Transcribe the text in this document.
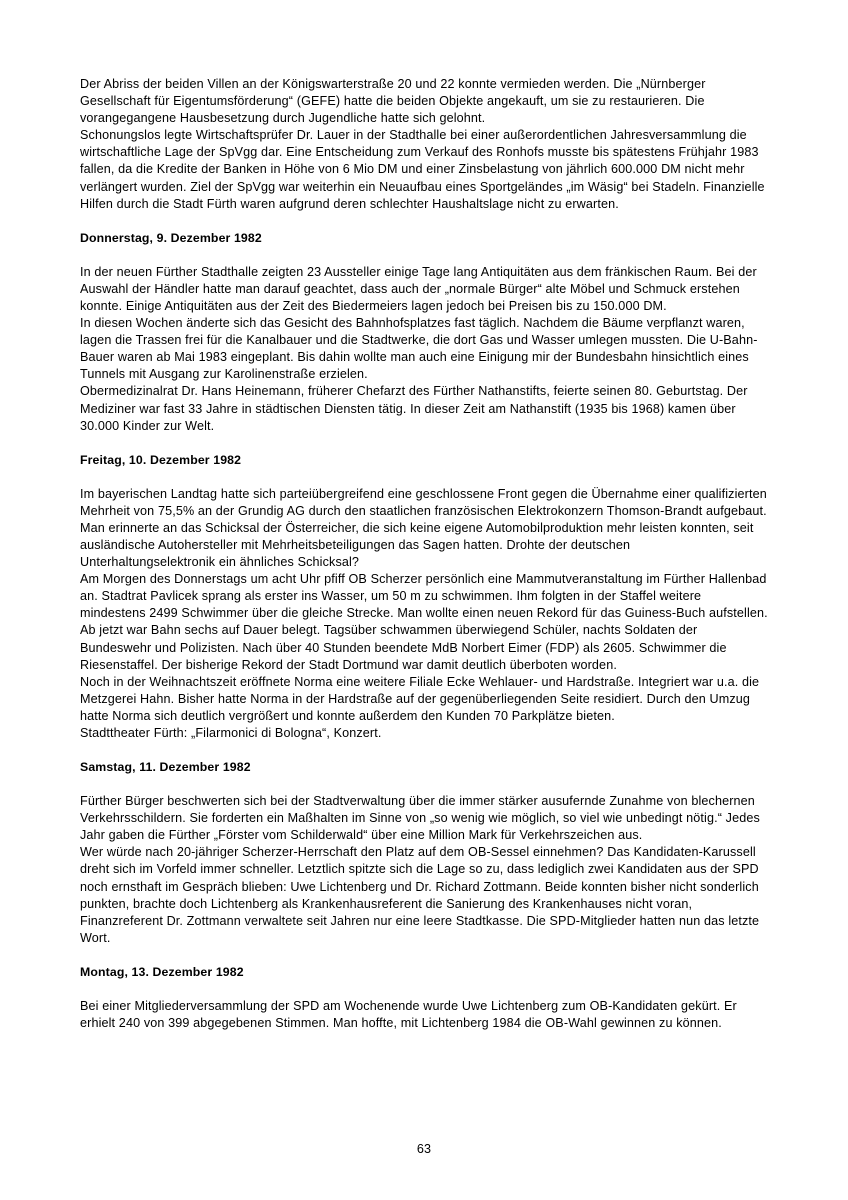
Der Abriss der beiden Villen an der Königswarterstraße 20 und 22 konnte vermieden werden. Die „Nürnberger Gesellschaft für Eigentumsförderung“ (GEFE) hatte die beiden Objekte angekauft, um sie zu restaurieren. Die vorangegangene Hausbesetzung durch Jugendliche hatte sich gelohnt.

Schonungslos legte Wirtschaftsprüfer Dr. Lauer in der Stadthalle bei einer außerordentlichen Jahresversammlung die wirtschaftliche Lage der SpVgg dar. Eine Entscheidung zum Verkauf des Ronhofs musste bis spätestens Frühjahr 1983 fallen, da die Kredite der Banken in Höhe von 6 Mio DM und einer Zinsbelastung von jährlich 600.000 DM nicht mehr verlängert wurden. Ziel der SpVgg war weiterhin ein Neuaufbau eines Sportgeländes „im Wäsig“ bei Stadeln. Finanzielle Hilfen durch die Stadt Fürth waren aufgrund deren schlechter Haushaltslage nicht zu erwarten.

Donnerstag, 9. Dezember 1982

In der neuen Fürther Stadthalle zeigten 23 Aussteller einige Tage lang Antiquitäten aus dem fränkischen Raum. Bei der Auswahl der Händler hatte man darauf geachtet, dass auch der „normale Bürger“ alte Möbel und Schmuck erstehen konnte. Einige Antiquitäten aus der Zeit des Biedermeiers lagen jedoch bei Preisen bis zu 150.000 DM.

In diesen Wochen änderte sich das Gesicht des Bahnhofsplatzes fast täglich. Nachdem die Bäume verpflanzt waren, lagen die Trassen frei für die Kanalbauer und die Stadtwerke, die dort Gas und Wasser umlegen mussten. Die U-Bahn-Bauer waren ab Mai 1983 eingeplant. Bis dahin wollte man auch eine Einigung mir der Bundesbahn hinsichtlich eines Tunnels mit Ausgang zur Karolinenstraße erzielen.

Obermedizinalrat Dr. Hans Heinemann, früherer Chefarzt des Fürther Nathanstifts, feierte seinen 80. Geburtstag. Der Mediziner war fast 33 Jahre in städtischen Diensten tätig. In dieser Zeit am Nathanstift (1935 bis 1968) kamen über 30.000 Kinder zur Welt.

Freitag, 10. Dezember 1982

Im bayerischen Landtag hatte sich parteiübergreifend eine geschlossene Front gegen die Übernahme einer qualifizierten Mehrheit von 75,5% an der Grundig AG durch den staatlichen französischen Elektrokonzern Thomson-Brandt aufgebaut. Man erinnerte an das Schicksal der Österreicher, die sich keine eigene Automobilproduktion mehr leisten konnten, seit ausländische Autohersteller mit Mehrheitsbeteiligungen das Sagen hatten. Drohte der deutschen Unterhaltungselektronik ein ähnliches Schicksal?

Am Morgen des Donnerstags um acht Uhr pfiff OB Scherzer persönlich eine Mammutveranstaltung im Fürther Hallenbad an. Stadtrat Pavlicek sprang als erster ins Wasser, um 50 m zu schwimmen. Ihm folgten in der Staffel weitere mindestens 2499 Schwimmer über die gleiche Strecke. Man wollte einen neuen Rekord für das Guiness-Buch aufstellen. Ab jetzt war Bahn sechs auf Dauer belegt. Tagsüber schwammen überwiegend Schüler, nachts Soldaten der Bundeswehr und Polizisten. Nach über 40 Stunden beendete MdB Norbert Eimer (FDP) als 2605. Schwimmer die Riesenstaffel. Der bisherige Rekord der Stadt Dortmund war damit deutlich überboten worden.

Noch in der Weihnachtszeit eröffnete Norma eine weitere Filiale Ecke Wehlauer- und Hardstraße. Integriert war u.a. die Metzgerei Hahn. Bisher hatte Norma in der Hardstraße auf der gegenüberliegenden Seite residiert. Durch den Umzug hatte Norma sich deutlich vergrößert und konnte außerdem den Kunden 70 Parkplätze bieten.

Stadttheater Fürth: „Filarmonici di Bologna“, Konzert.

Samstag, 11. Dezember 1982

Fürther Bürger beschwerten sich bei der Stadtverwaltung über die immer stärker ausufernde Zunahme von blechernen Verkehrsschildern. Sie forderten ein Maßhalten im Sinne von „so wenig wie möglich, so viel wie unbedingt nötig.“ Jedes Jahr gaben die Fürther „Förster vom Schilderwald“ über eine Million Mark für Verkehrszeichen aus.

Wer würde nach 20-jähriger Scherzer-Herrschaft den Platz auf dem OB-Sessel einnehmen? Das Kandidaten-Karussell dreht sich im Vorfeld immer schneller. Letztlich spitzte sich die Lage so zu, dass lediglich zwei Kandidaten aus der SPD noch ernsthaft im Gespräch blieben: Uwe Lichtenberg und Dr. Richard Zottmann. Beide konnten bisher nicht sonderlich punkten, brachte doch Lichtenberg als Krankenhausreferent die Sanierung des Krankenhauses nicht voran, Finanzreferent Dr. Zottmann verwaltete seit Jahren nur eine leere Stadtkasse. Die SPD-Mitglieder hatten nun das letzte Wort.

Montag, 13. Dezember 1982

Bei einer Mitgliederversammlung der SPD am Wochenende wurde Uwe Lichtenberg zum OB-Kandidaten gekürt. Er erhielt 240 von 399 abgegebenen Stimmen. Man hoffte, mit Lichtenberg 1984 die OB-Wahl gewinnen zu können.

63
